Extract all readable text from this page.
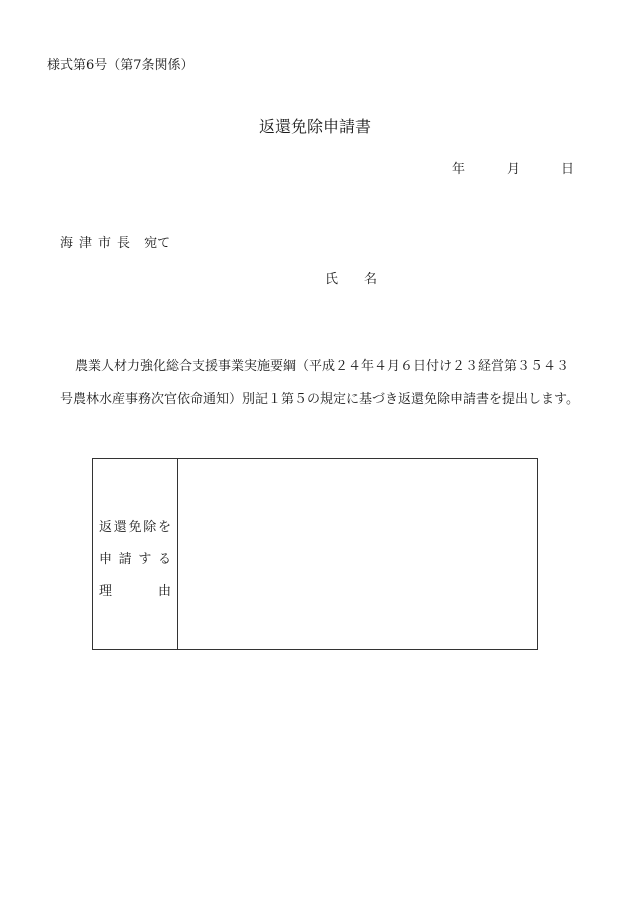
様式第6号（第7条関係）
返還免除申請書
年	月	日
海 津 市 長 宛て
氏 名
農業人材力強化総合支援事業実施要綱（平成２４年４月６日付け２３経営第３５４３
号農林水産事務次官依命通知）別記１第５の規定に基づき返還免除申請書を提出します。
返 還 免 除 を
申 請 す る
理	由
